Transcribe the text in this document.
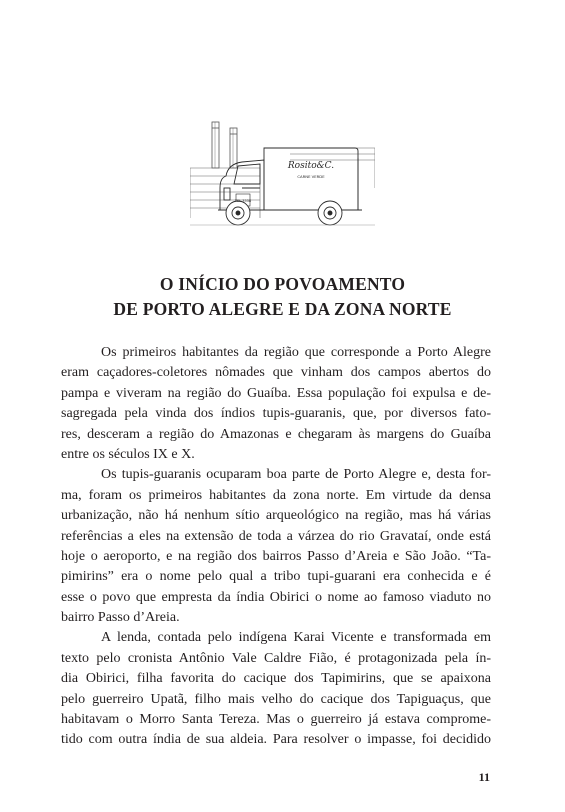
Rosito&C.
CARNE VERDE
TEL 3558
O INÍCIO DO POVOAMENTO
DE PORTO ALEGRE E DA ZONA NORTE
Os primeiros habitantes da região que corresponde a Porto Alegre
eram caçadores-coletores nômades que vinham dos campos abertos do
pampa e viveram na região do Guaíba. Essa população foi expulsa e de-
sagregada pela vinda dos índios tupis-guaranis, que, por diversos fato-
res, desceram a região do Amazonas e chegaram às margens do Guaíba
entre os séculos IX e X.
Os tupis-guaranis ocuparam boa parte de Porto Alegre e, desta for-
ma, foram os primeiros habitantes da zona norte. Em virtude da densa
urbanização, não há nenhum sítio arqueológico na região, mas há várias
referências a eles na extensão de toda a várzea do rio Gravataí, onde está
hoje o aeroporto, e na região dos bairros Passo d’Areia e São João. “Ta-
pimirins” era o nome pelo qual a tribo tupi-guarani era conhecida e é
esse o povo que empresta da índia Obirici o nome ao famoso viaduto no
bairro Passo d’Areia.
A lenda, contada pelo indígena Karai Vicente e transformada em
texto pelo cronista Antônio Vale Caldre Fião, é protagonizada pela ín-
dia Obirici, filha favorita do cacique dos Tapimirins, que se apaixona
pelo guerreiro Upatã, filho mais velho do cacique dos Tapiguaçus, que
habitavam o Morro Santa Tereza. Mas o guerreiro já estava comprome-
tido com outra índia de sua aldeia. Para resolver o impasse, foi decidido
11
